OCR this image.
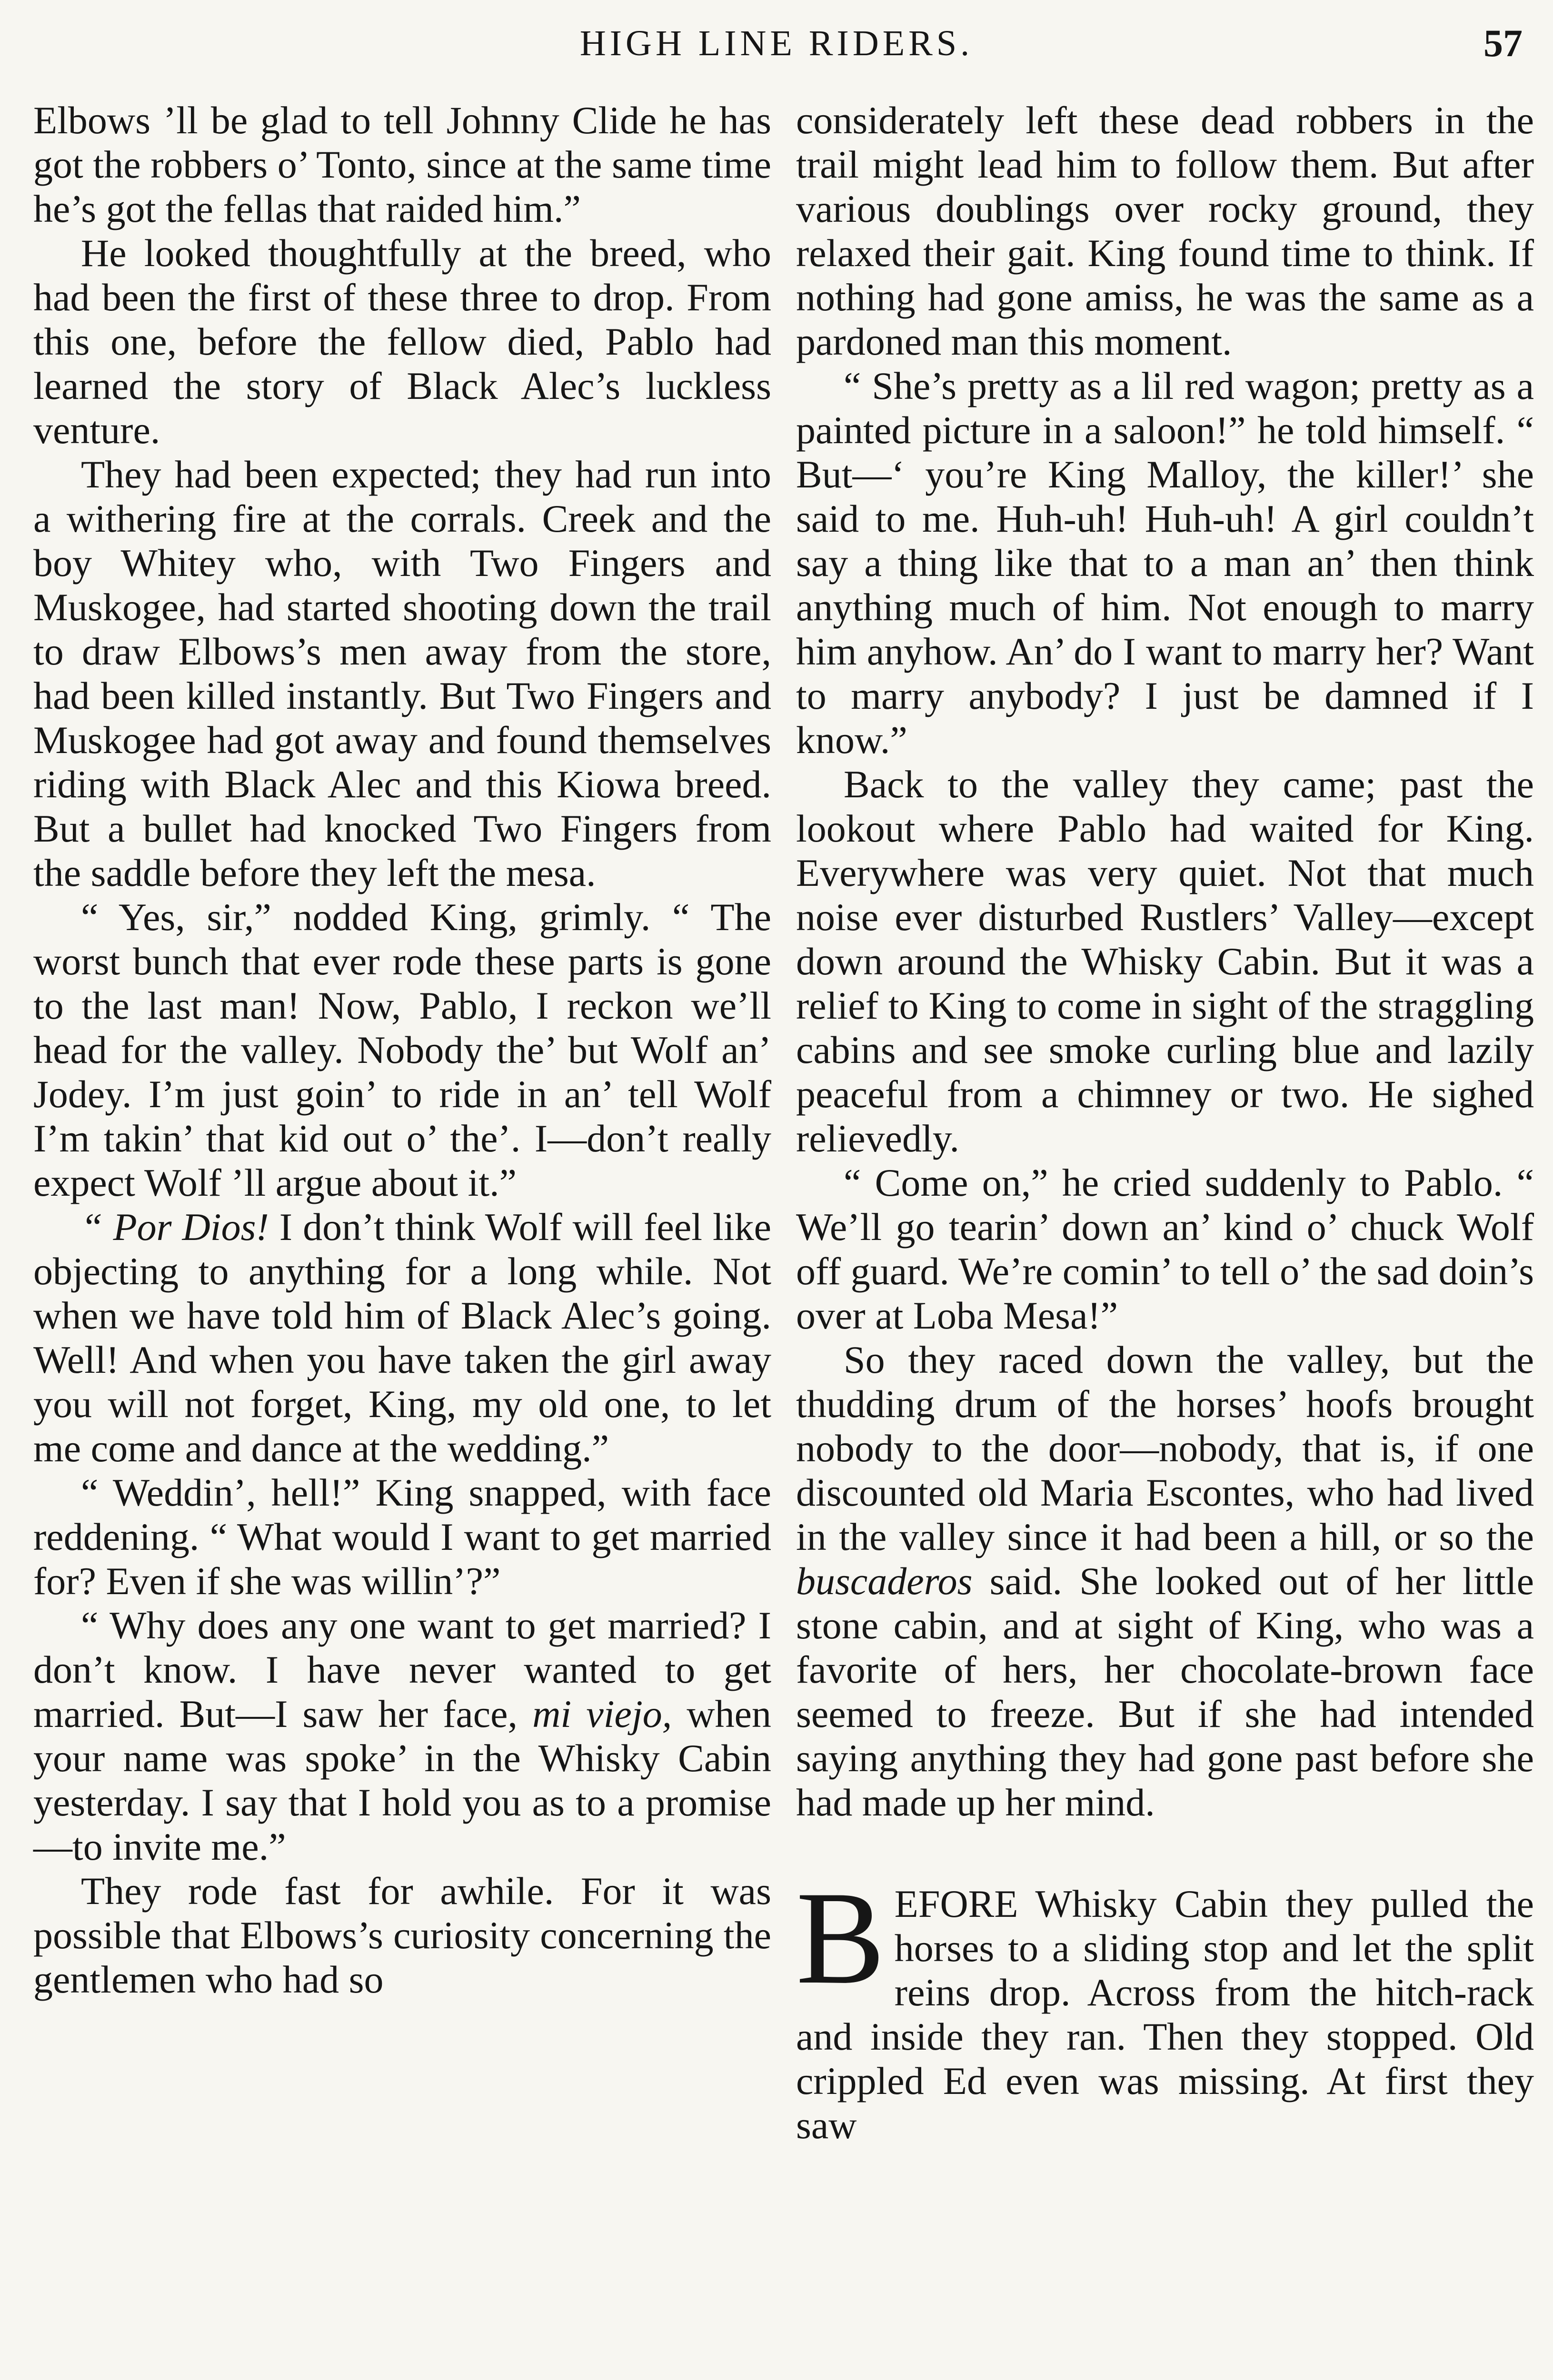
HIGH LINE RIDERS.	57

Elbows ’ll be glad to tell Johnny Clide he has got the robbers o’ Tonto, since at the same time he’s got the fellas that raided him.”

He looked thoughtfully at the breed, who had been the first of these three to drop. From this one, before the fellow died, Pablo had learned the story of Black Alec’s luckless venture.

They had been expected; they had run into a withering fire at the corrals. Creek and the boy Whitey who, with Two Fingers and Muskogee, had started shooting down the trail to draw Elbows’s men away from the store, had been killed instantly. But Two Fingers and Muskogee had got away and found themselves riding with Black Alec and this Kiowa breed. But a bullet had knocked Two Fingers from the saddle before they left the mesa.

“ Yes, sir,” nodded King, grimly. “ The worst bunch that ever rode these parts is gone to the last man! Now, Pablo, I reckon we’ll head for the valley. Nobody the’ but Wolf an’ Jodey. I’m just goin’ to ride in an’ tell Wolf I’m takin’ that kid out o’ the’. I—don’t really expect Wolf ’ll argue about it.”

“ Por Dios! I don’t think Wolf will feel like objecting to anything for a long while. Not when we have told him of Black Alec’s going. Well! And when you have taken the girl away you will not forget, King, my old one, to let me come and dance at the wedding.”

“ Weddin’, hell!” King snapped, with face reddening. “ What would I want to get married for? Even if she was willin’?”

“ Why does any one want to get married? I don’t know. I have never wanted to get married. But—I saw her face, mi viejo, when your name was spoke’ in the Whisky Cabin yesterday. I say that I hold you as to a promise—to invite me.”

They rode fast for awhile. For it was possible that Elbows’s curiosity concerning the gentlemen who had so

considerately left these dead robbers in the trail might lead him to follow them. But after various doublings over rocky ground, they relaxed their gait. King found time to think. If nothing had gone amiss, he was the same as a pardoned man this moment.

“ She’s pretty as a lil red wagon; pretty as a painted picture in a saloon!” he told himself. “ But—‘ you’re King Malloy, the killer!’ she said to me. Huh-uh! Huh-uh! A girl couldn’t say a thing like that to a man an’ then think anything much of him. Not enough to marry him anyhow. An’ do I want to marry her? Want to marry anybody? I just be damned if I know.”

Back to the valley they came; past the lookout where Pablo had waited for King. Everywhere was very quiet. Not that much noise ever disturbed Rustlers’ Valley—except down around the Whisky Cabin. But it was a relief to King to come in sight of the straggling cabins and see smoke curling blue and lazily peaceful from a chimney or two. He sighed relievedly.

“ Come on,” he cried suddenly to Pablo. “ We’ll go tearin’ down an’ kind o’ chuck Wolf off guard. We’re comin’ to tell o’ the sad doin’s over at Loba Mesa!”

So they raced down the valley, but the thudding drum of the horses’ hoofs brought nobody to the door—nobody, that is, if one discounted old Maria Escontes, who had lived in the valley since it had been a hill, or so the buscaderos said. She looked out of her little stone cabin, and at sight of King, who was a favorite of hers, her chocolate-brown face seemed to freeze. But if she had intended saying anything they had gone past before she had made up her mind.

BEFORE Whisky Cabin they pulled the horses to a sliding stop and let the split reins drop. Across from the hitch-rack and inside they ran. Then they stopped. Old crippled Ed even was missing. At first they saw
